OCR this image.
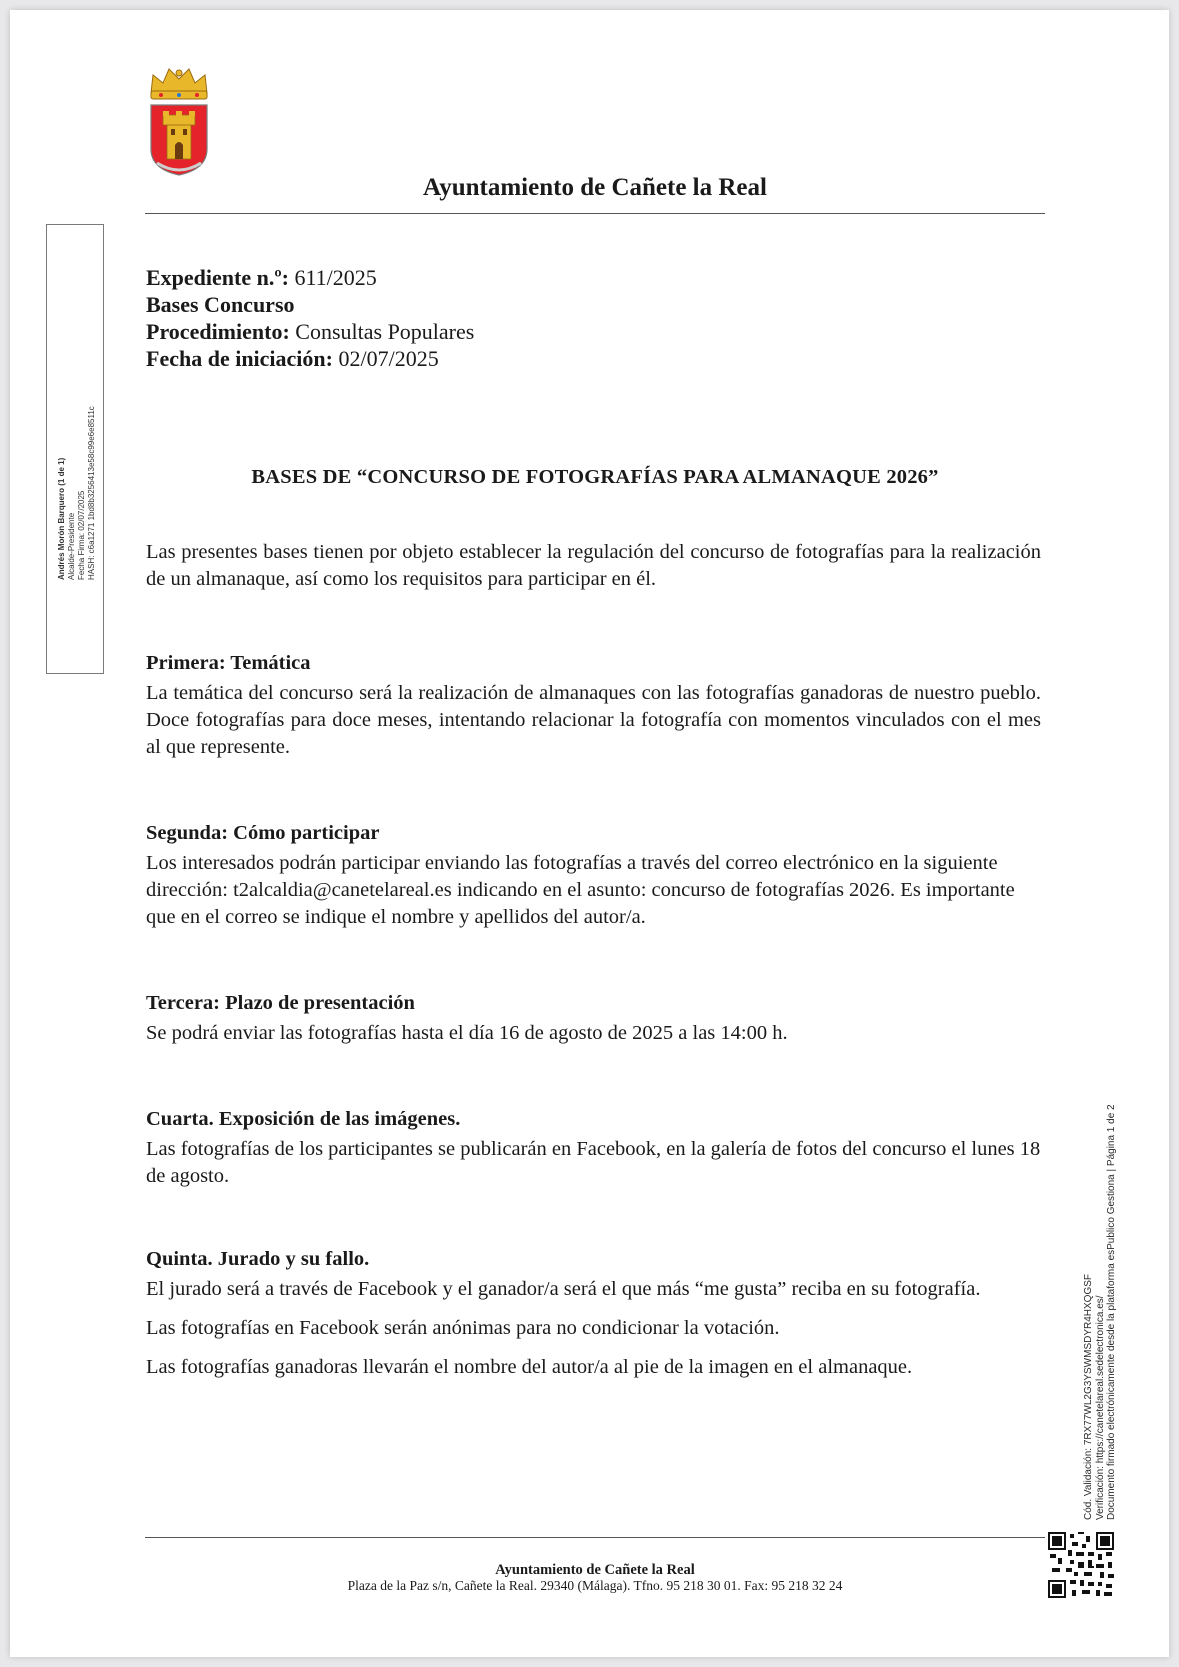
Ayuntamiento de Cañete la Real
Andrés Morón Barquero (1 de 1) Alcalde-Presidente Fecha Firma: 02/07/2025 HASH: c6a1271 1bd8b3256413e58c99e6e8511c
Expediente n.º: 611/2025
Bases Concurso
Procedimiento: Consultas Populares
Fecha de iniciación: 02/07/2025
BASES DE “CONCURSO DE FOTOGRAFÍAS PARA ALMANAQUE 2026”

Las presentes bases tienen por objeto establecer la regulación del concurso de fotografías para la realización de un almanaque, así como los requisitos para participar en él.

Primera: Temática

La temática del concurso será la realización de almanaques con las fotografías ganadoras de nuestro pueblo. Doce fotografías para doce meses, intentando relacionar la fotografía con momentos vinculados con el mes al que represente.

Segunda: Cómo participar

Los interesados podrán participar enviando las fotografías a través del correo electrónico en la siguiente dirección: t2alcaldia@canetelareal.es indicando en el asunto: concurso de fotografías 2026. Es importante que en el correo se indique el nombre y apellidos del autor/a.

Tercera: Plazo de presentación

Se podrá enviar las fotografías hasta el día 16 de agosto de 2025 a las 14:00 h.

Cuarta. Exposición de las imágenes.

Las fotografías de los participantes se publicarán en Facebook, en la galería de fotos del concurso el lunes 18 de agosto.

Quinta. Jurado y su fallo.

El jurado será a través de Facebook y el ganador/a será el que más “me gusta” reciba en su fotografía.

Las fotografías en Facebook serán anónimas para no condicionar la votación.

Las fotografías ganadoras llevarán el nombre del autor/a al pie de la imagen en el almanaque.

Ayuntamiento de Cañete la Real
Plaza de la Paz s/n, Cañete la Real. 29340 (Málaga). Tfno. 95 218 30 01. Fax: 95 218 32 24
Cód. Validación: 7RX77WL2G3YSWMSDYR4HXQGSF Verificación: https://canetelareal.sedelectronica.es/ Documento firmado electrónicamente desde la plataforma esPublico Gestiona | Página 1 de 2
